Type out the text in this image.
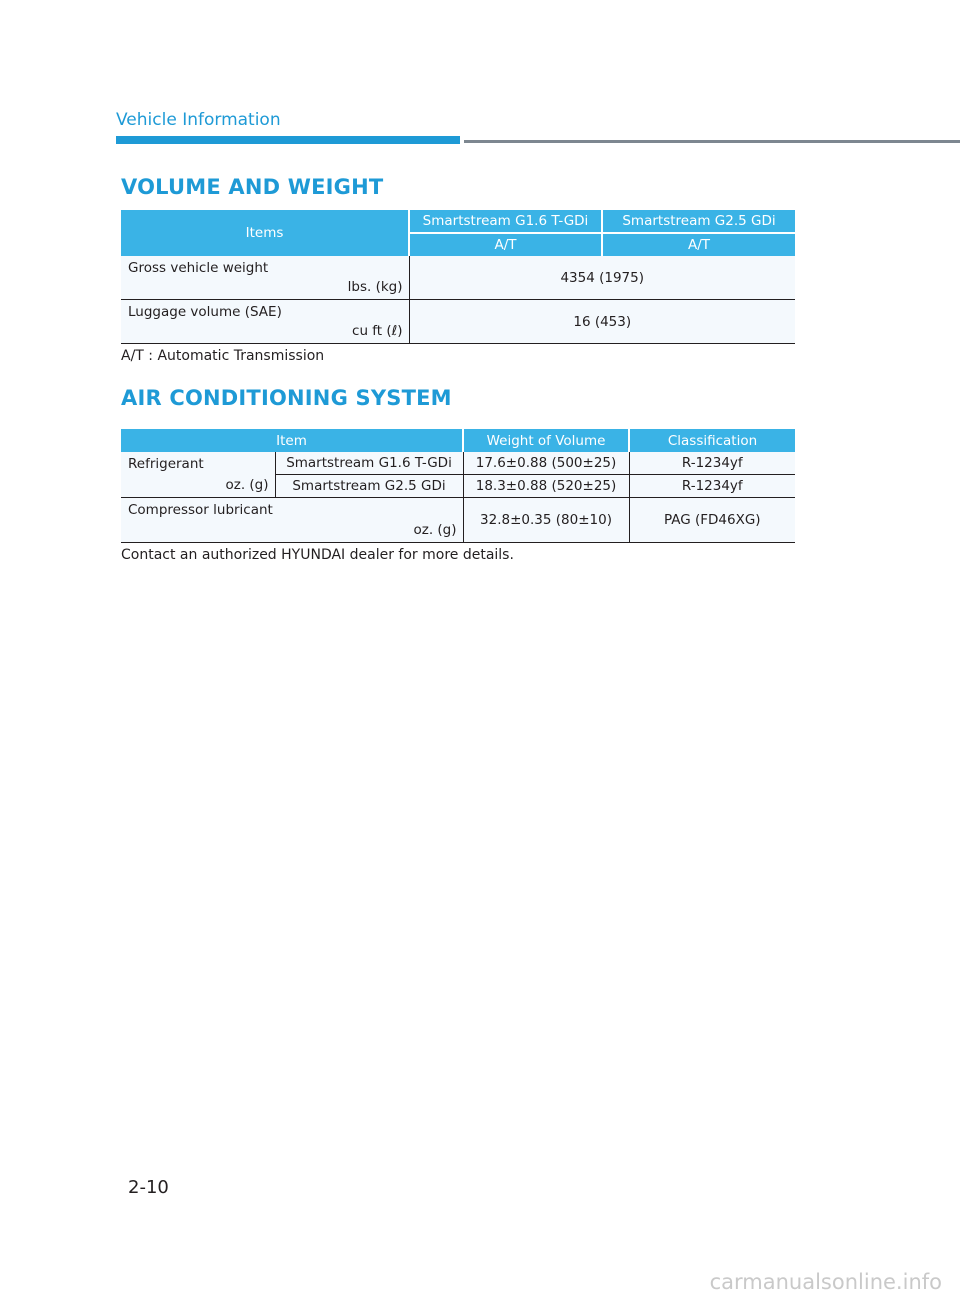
Vehicle Information
VOLUME AND WEIGHT
Items	Smartstream G1.6 T-GDi	Smartstream G2.5 GDi
	A/T	A/T

Gross vehicle weight
lbs. (kg)	4354 (1975)	

Luggage volume (SAE)
cu ft (ℓ)	16 (453)	
A/T : Automatic Transmission
AIR CONDITIONING SYSTEM
Item		Weight of Volume	Classification

Refrigerant
oz. (g)	Smartstream G1.6 T-GDi	17.6±0.88 (500±25)	R-1234yf
	Smartstream G2.5 GDi	18.3±0.88 (520±25)	R-1234yf

Compressor lubricant
oz. (g)		32.8±0.35 (80±10)	PAG (FD46XG)
Contact an authorized HYUNDAI dealer for more details.
2-10
carmanualsonline.info
